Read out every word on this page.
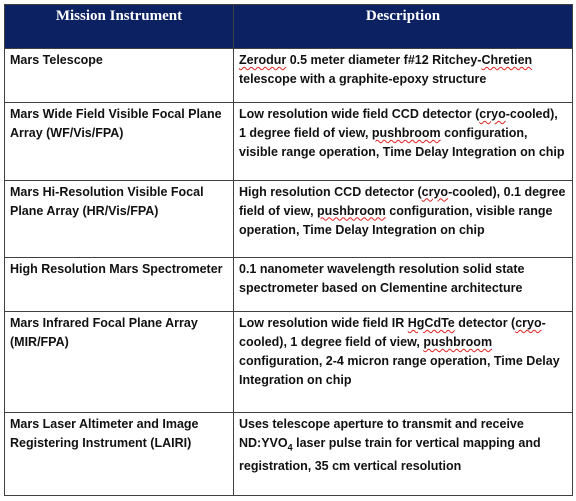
Mission Instrument	Description
Mars Telescope	Zerodur 0.5 meter diameter f#12 Ritchey-Chretien telescope with a graphite-epoxy structure
Mars Wide Field Visible Focal Plane Array (WF/Vis/FPA)	Low resolution wide field CCD detector (cryo-cooled), 1 degree field of view, pushbroom configuration, visible range operation, Time Delay Integration on chip
Mars Hi-Resolution Visible Focal Plane Array (HR/Vis/FPA)	High resolution CCD detector (cryo-cooled), 0.1 degree field of view, pushbroom configuration, visible range operation, Time Delay Integration on chip
High Resolution Mars Spectrometer	0.1 nanometer wavelength resolution solid state spectrometer based on Clementine architecture
Mars Infrared Focal Plane Array (MIR/FPA)	Low resolution wide field IR HgCdTe detector (cryo-cooled), 1 degree field of view, pushbroom configuration, 2-4 micron range operation, Time Delay Integration on chip
Mars Laser Altimeter and Image Registering Instrument (LAIRI)	Uses telescope aperture to transmit and receive $ND:YVO_4$ laser pulse train for vertical mapping and registration, 35 cm vertical resolution
